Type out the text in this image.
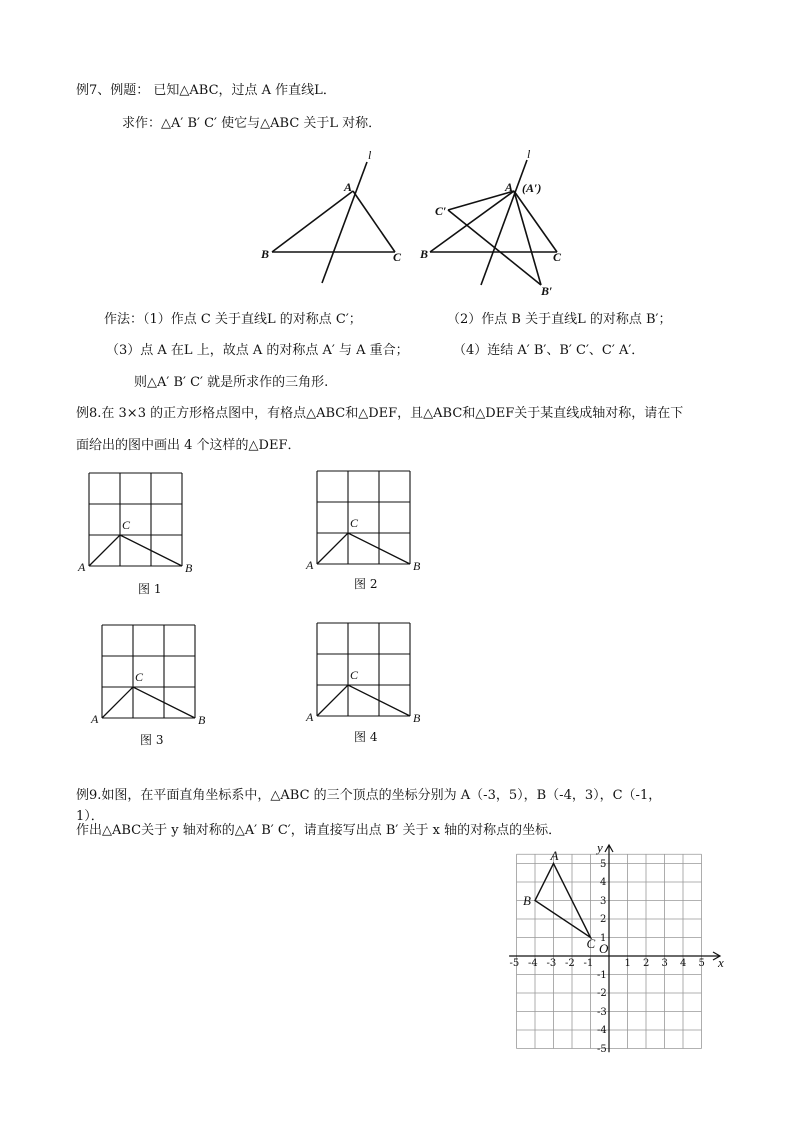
例7、例题： 已知△ABC，过点 A 作直线L．
求作：△A′ B′ C′ 使它与△ABC 关于L 对称．
l
A
B	C
l
A (A′)
C′
B	C
B′
作法：（1）作点 C 关于直线L 的对称点 C′；	（2）作点 B 关于直线L 的对称点 B′；
（3）点 A 在L 上，故点 A 的对称点 A′ 与 A 重合；	（4）连结 A′ B′、B′ C′、C′ A′．
则△A′ B′ C′ 就是所求作的三角形.
例8.在 3×3 的正方形格点图中，有格点△ABC和△DEF，且△ABC和△DEF关于某直线成轴对称，请在下
面给出的图中画出 4 个这样的△DEF．
A	B
C
图 1
A	B
C
图 2
A	B
C
图 3
A	B
C
图 4
例9.如图，在平面直角坐标系中，△ABC 的三个顶点的坐标分别为 A（-3，5），B（-4，3），C（-1，
1）．
作出△ABC关于 y 轴对称的△A′ B′ C′，请直接写出点 B′ 关于 x 轴的对称点的坐标．
-5 -4 -3 -2 -1	1 2 3 4 5
5
4
3
2
1
-1
-2
-3
-4
-5
x
y
O
A
B
C
